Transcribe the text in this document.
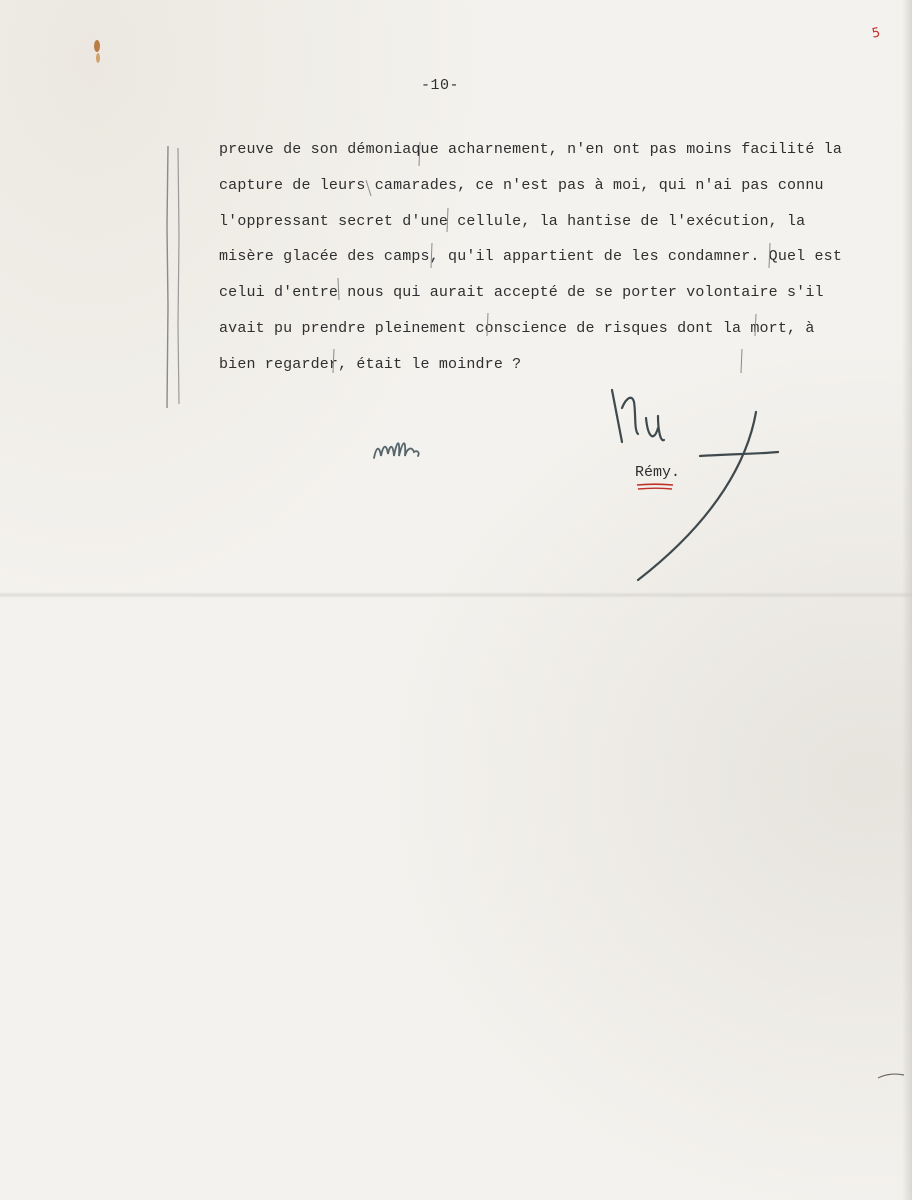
5
-10-
preuve de son démoniaque acharnement, n'en ont pas moins facilité la
capture de leurs camarades, ce n'est pas à moi, qui n'ai pas connu
l'oppressant secret d'une cellule, la hantise de l'exécution, la
misère glacée des camps, qu'il appartient de les condamner. Quel est
celui d'entre nous qui aurait accepté de se porter volontaire s'il
avait pu prendre pleinement conscience de risques dont la mort, à
bien regarder, était le moindre ?
Rémy.
